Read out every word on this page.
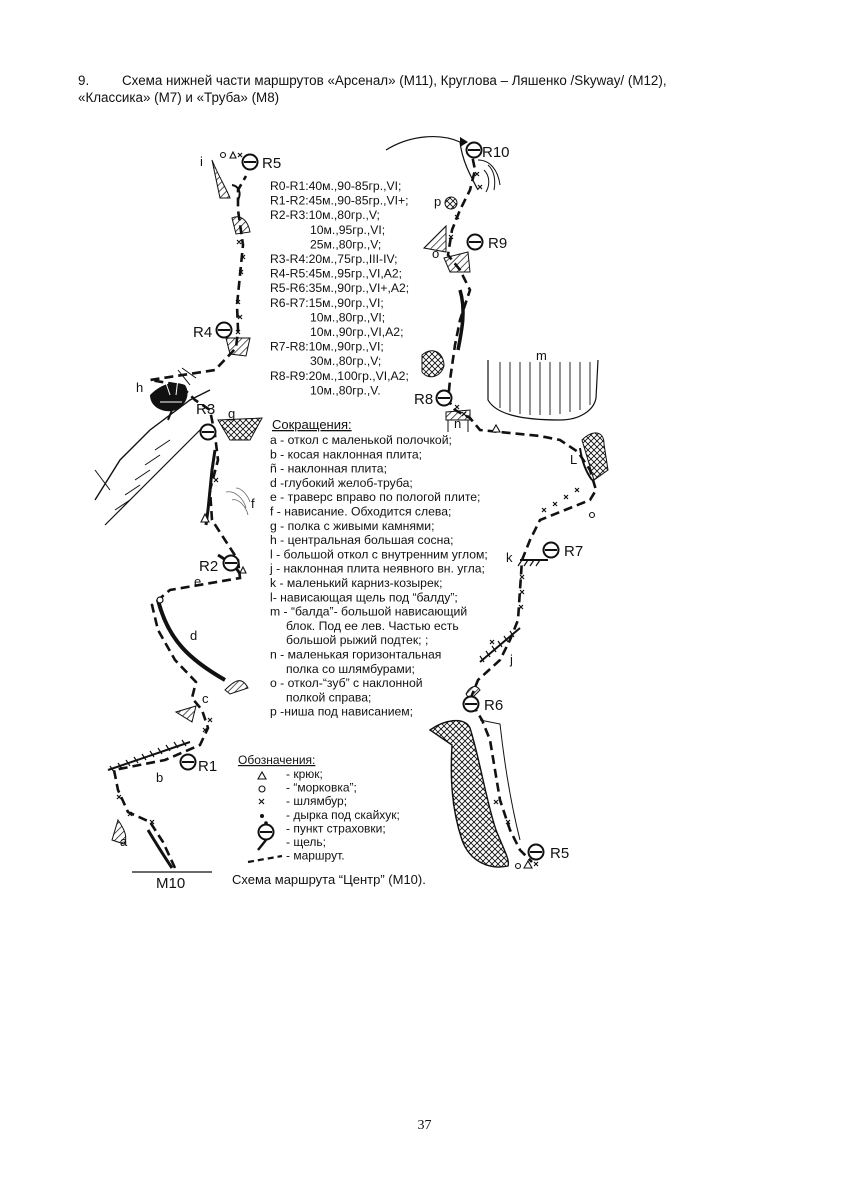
9. Схема нижней части маршрутов «Арсенал» (М11), Круглова – Ляшенко /Skyway/ (М12),
«Классика» (М7) и «Труба» (М8)
R1
R2
R3
R4
R5
M10
a
b
c
d
e
f
g
h
i
R10
R9
R8
R7
R6
R5
p
o
n
m
L
k
j
i
R0-R1:40м.,90-85гр.,VI;
R1-R2:45м.,90-85гр.,VI+;
R2-R3:10м.,80гр.,V;
10м.,95гр.,VI;
25м.,80гр.,V;
R3-R4:20м.,75гр.,III-IV;
R4-R5:45м.,95гр.,VI,A2;
R5-R6:35м.,90гр.,VI+,A2;
R6-R7:15м.,90гр.,VI;
10м.,80гр.,VI;
10м.,90гр.,VI,A2;
R7-R8:10м.,90гр.,VI;
30м.,80гр.,V;
R8-R9:20м.,100гр.,VI,A2;
10м.,80гр.,V.
Сокращения:
a - откол с маленькой полочкой;
b - косая наклонная плита;
ñ - наклонная плита;
d -глубокий желоб-труба;
e - траверс вправо по пологой плите;
f - нависание. Обходится слева;
g - полка с живыми камнями;
h - центральная большая сосна;
l - большой откол с внутренним углом;
j - наклонная плита неявного вн. угла;
k - маленький карниз-козырек;
l- нависающая щель под “балду”;
m - “балда”- большой нависающий
блок. Под ее лев. Частью есть
большой рыжий подтек; ;
n - маленькая горизонтальная
полка со шлямбурами;
o - откол-“зуб” с наклонной
полкой справа;
p -ниша под нависанием;
Обозначения:
- крюк;
- “морковка”;
- шлямбур;
- дырка под скайхук;
- пункт страховки;
- щель;
- маршрут.
Схема маршрута “Центр” (М10).
37
